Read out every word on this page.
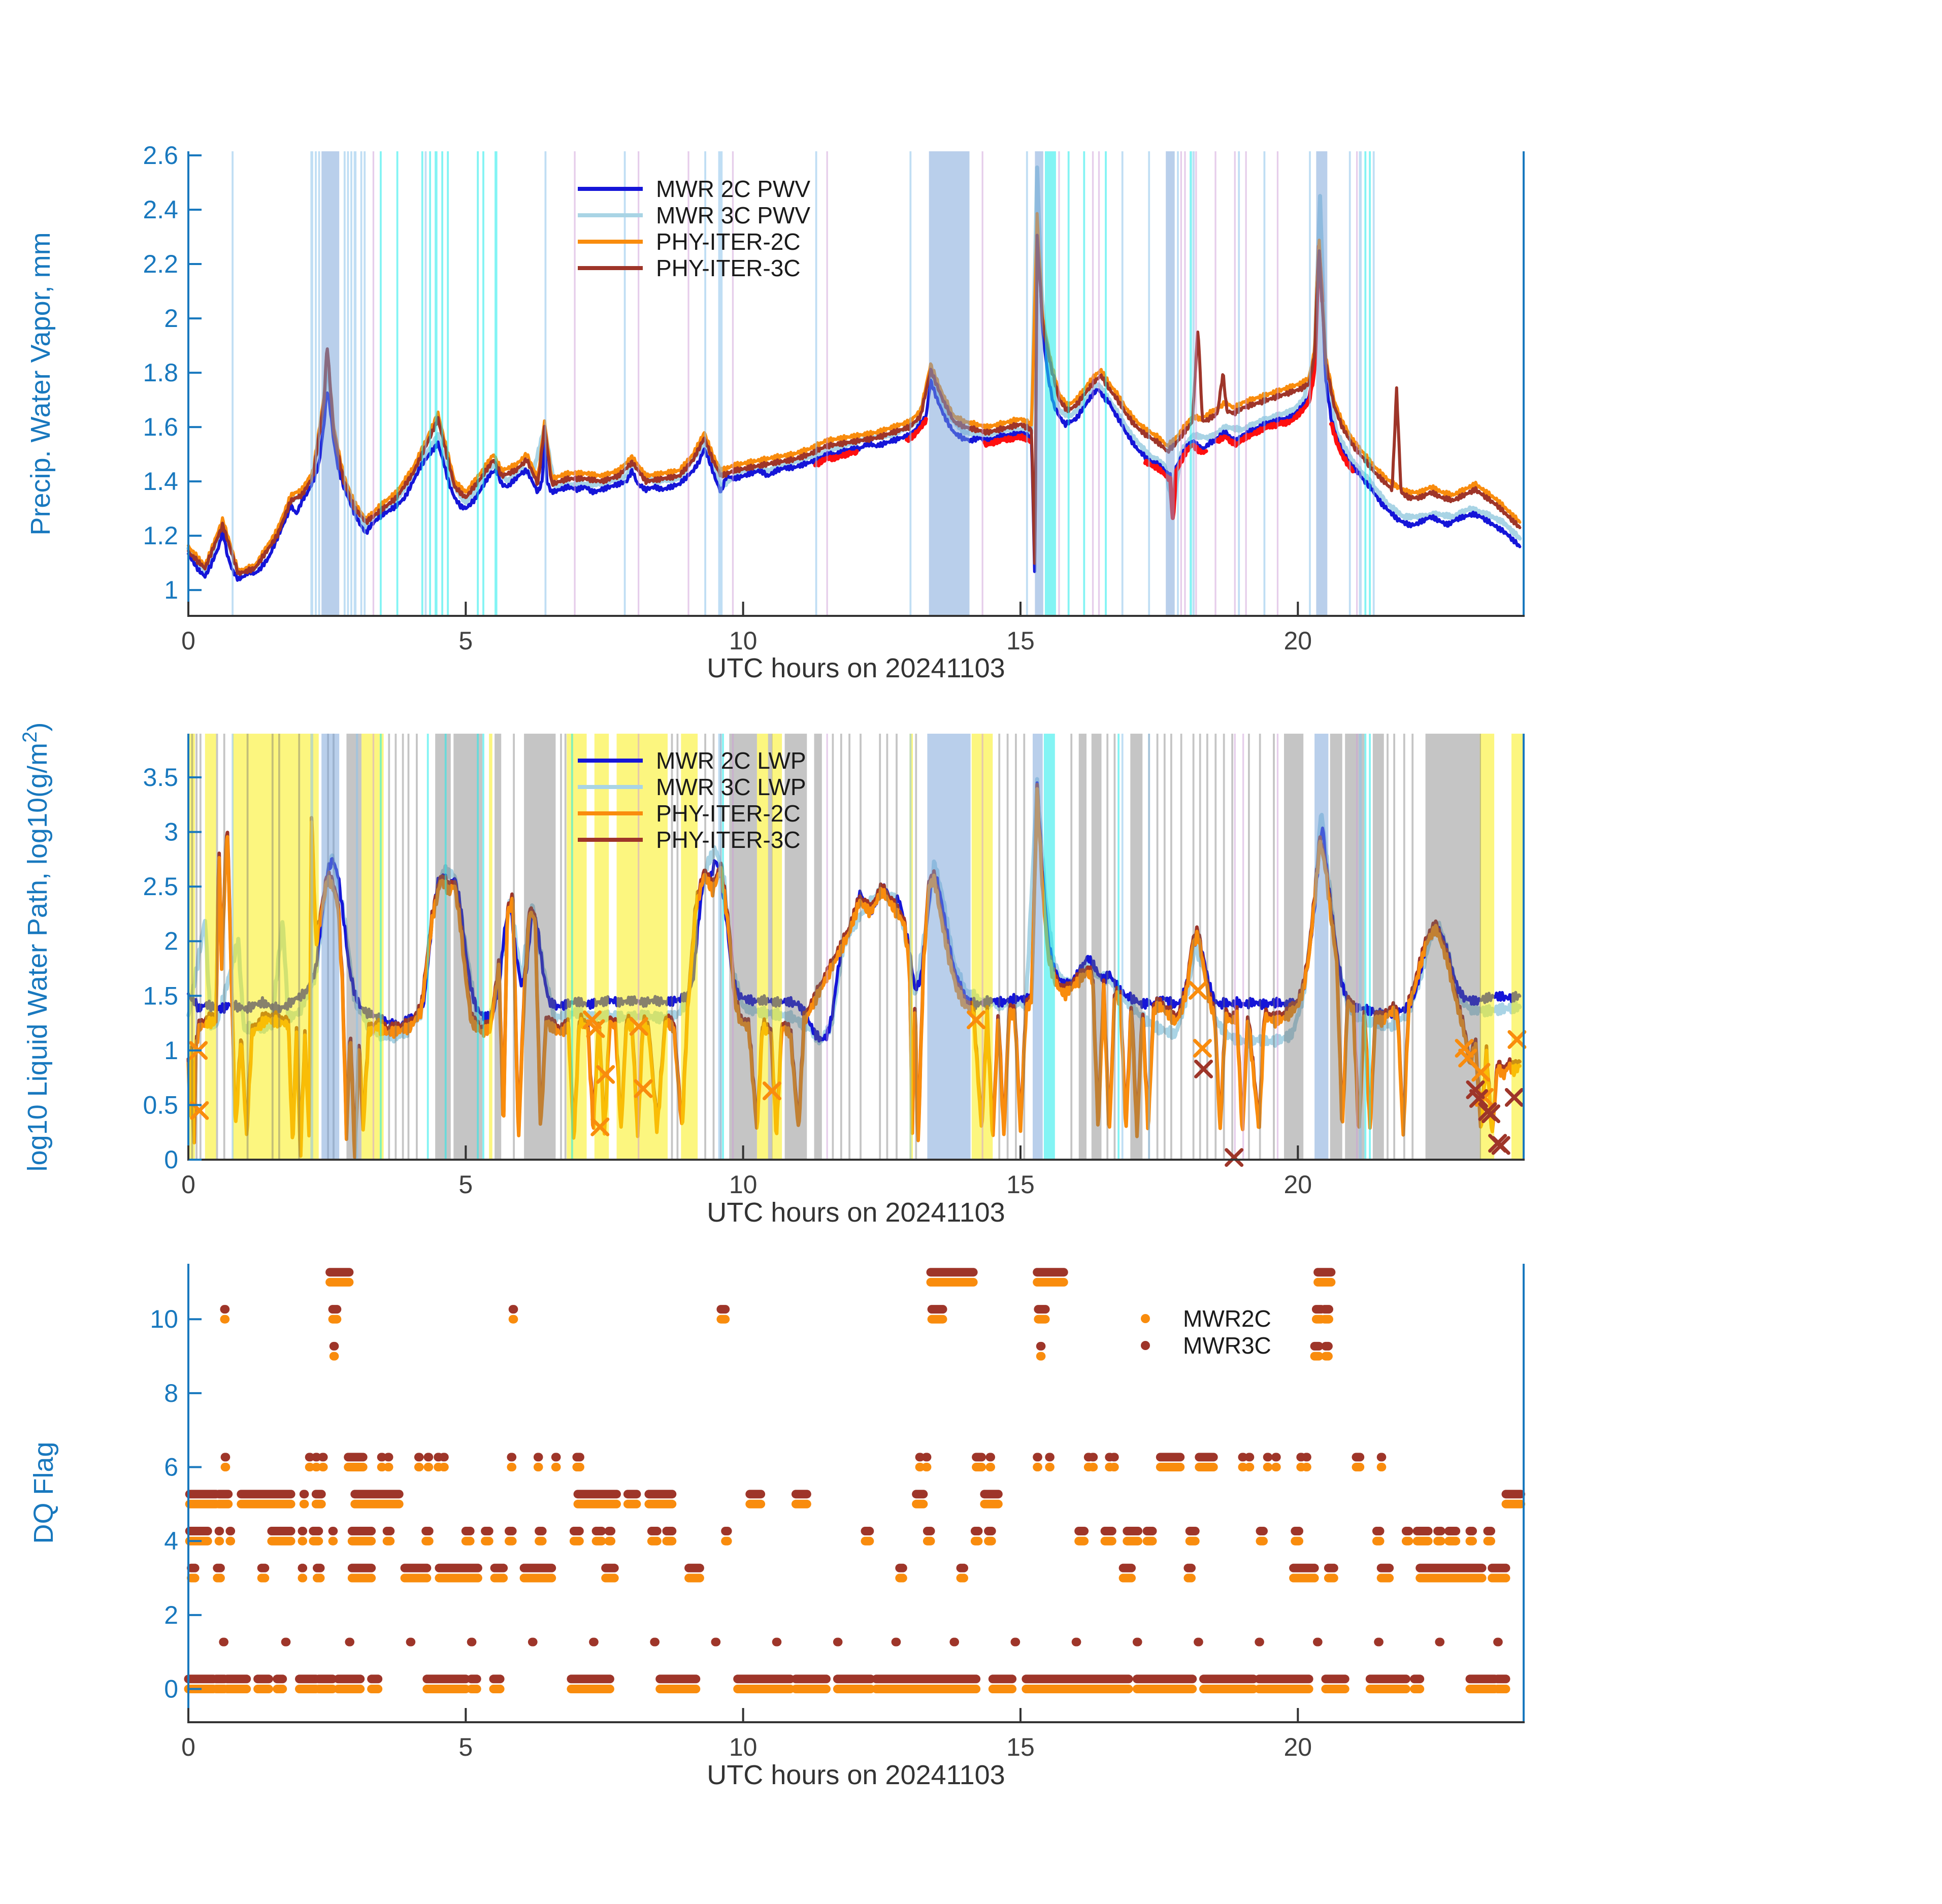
1
1.2
1.4
1.6
1.8
2
2.2
2.4
2.6
0	5	10	15	20
0
0.5
1
1.5
2
2.5
3
3.5
0	5	10	15	20
0
2
4
6
8
10
0	5	10	15	20
Precip. Water Vapor, mm
log10 Liquid Water Path, $\log 10(g/m^2)$
DQ Flag
UTC hours on 20241103
UTC hours on 20241103
UTC hours on 20241103
MWR 2C PWV
MWR 3C PWV
PHY-ITER-2C
PHY-ITER-3C
MWR 2C LWP
MWR 3C LWP
PHY-ITER-2C
PHY-ITER-3C
MWR2C
MWR3C
